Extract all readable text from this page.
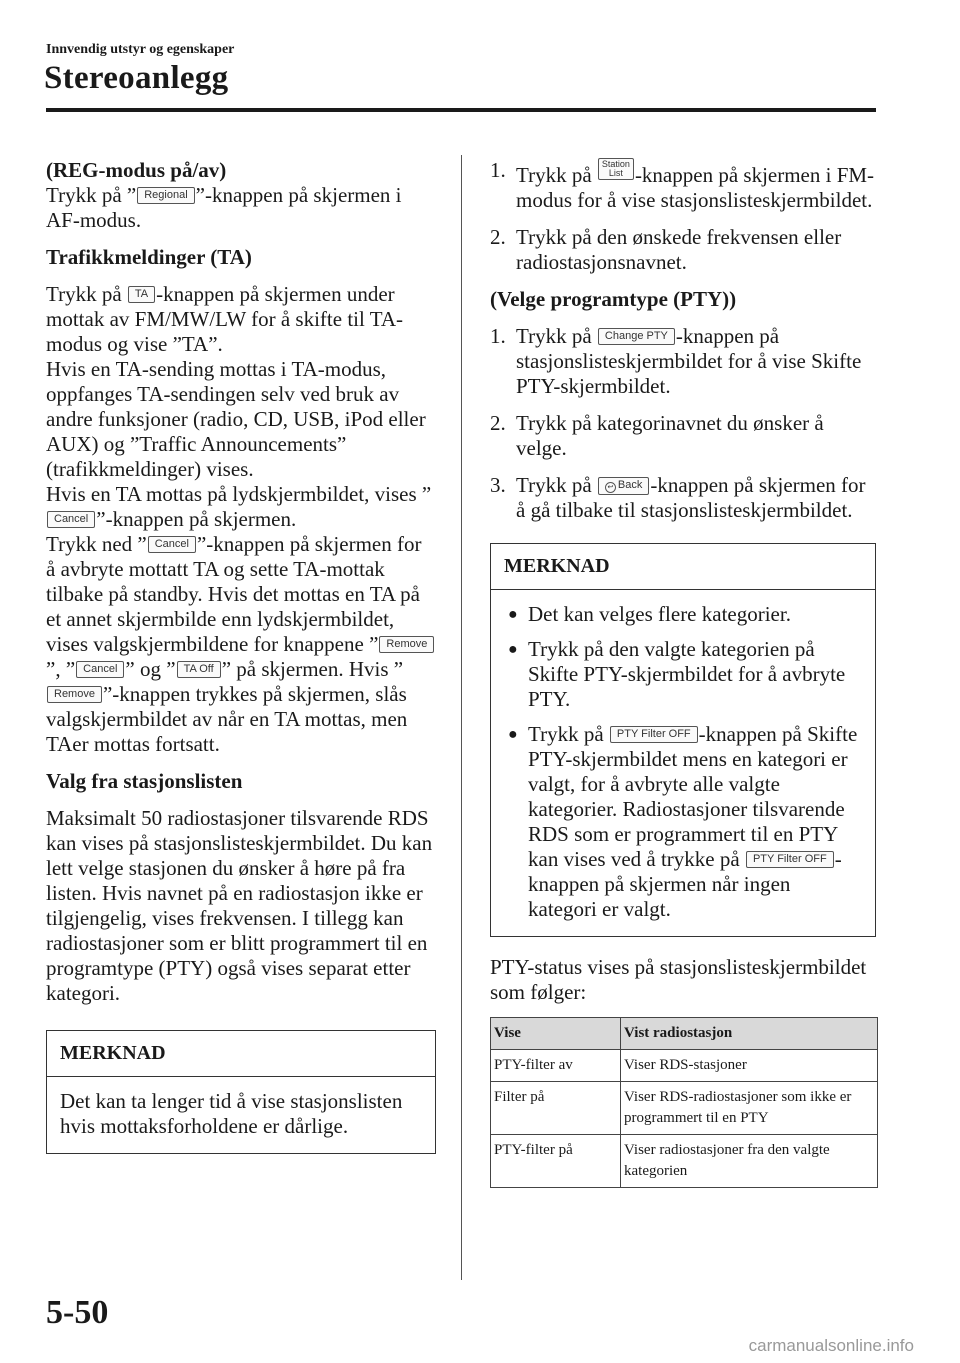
Innvendig utstyr og egenskaper
Stereoanlegg

(REG-modus på/av)

Trykk på ” Regional ”-knappen på skjermen i AF-modus.

Trafikkmeldinger (TA)

Trykk på TA -knappen på skjermen under mottak av FM/MW/LW for å skifte til TA-modus og vise ”TA”.

Hvis en TA-sending mottas i TA-modus, oppfanges TA-sendingen selv ved bruk av andre funksjoner (radio, CD, USB, iPod eller AUX) og ”Traffic Announcements” (trafikkmeldinger) vises.

Hvis en TA mottas på lydskjermbildet, vises ”Cancel ”-knappen på skjermen.

Trykk ned ” Cancel ”-knappen på skjermen for å avbryte mottatt TA og sette TA-mottak tilbake på standby. Hvis det mottas en TA på et annet skjermbilde enn lydskjermbildet, vises valgskjermbildene for knappene ” Remove”, ” Cancel ” og ” TA Off ” på skjermen. Hvis ”Remove ”-knappen trykkes på skjermen, slås valgskjermbildet av når en TA mottas, men TAer mottas fortsatt.

Valg fra stasjonslisten

Maksimalt 50 radiostasjoner tilsvarende RDS kan vises på stasjonslisteskjermbildet. Du kan lett velge stasjonen du ønsker å høre på fra listen. Hvis navnet på en radiostasjon ikke er tilgjengelig, vises frekvensen. I tillegg kan radiostasjoner som er blitt programmert til en programtype (PTY) også vises separat etter kategori.

MERKNAD
Det kan ta lenger tid å vise stasjonslisten hvis mottaksforholdene er dårlige.
1. Trykk på Station
List -knappen på skjermen i FM-modus for å vise stasjonslisteskjermbildet.
2. Trykk på den ønskede frekvensen eller radiostasjonsnavnet.

(Velge programtype (PTY))

1. Trykk på Change PTY -knappen på stasjonslisteskjermbildet for å vise Skifte PTY-skjermbildet.
2. Trykk på kategorinavnet du ønsker å velge.
3. Trykk på ↩ Back -knappen på skjermen for å gå tilbake til stasjonslisteskjermbildet.
MERKNAD
● Det kan velges flere kategorier.
● Trykk på den valgte kategorien på Skifte PTY-skjermbildet for å avbryte PTY.
● Trykk på PTY Filter OFF -knappen på Skifte PTY-skjermbildet mens en kategori er valgt, for å avbryte alle valgte kategorier. Radiostasjoner tilsvarende RDS som er programmert til en PTY kan vises ved å trykke på PTY Filter OFF -knappen på skjermen når ingen kategori er valgt.

PTY-status vises på stasjonslisteskjermbildet som følger:

Vise	Vist radiostasjon
PTY-filter av	Viser RDS-stasjoner
Filter på	Viser RDS-radiostasjoner som ikke er programmert til en PTY
PTY-filter på	Viser radiostasjoner fra den valgte kategorien
5-50
carmanualsonline.info
